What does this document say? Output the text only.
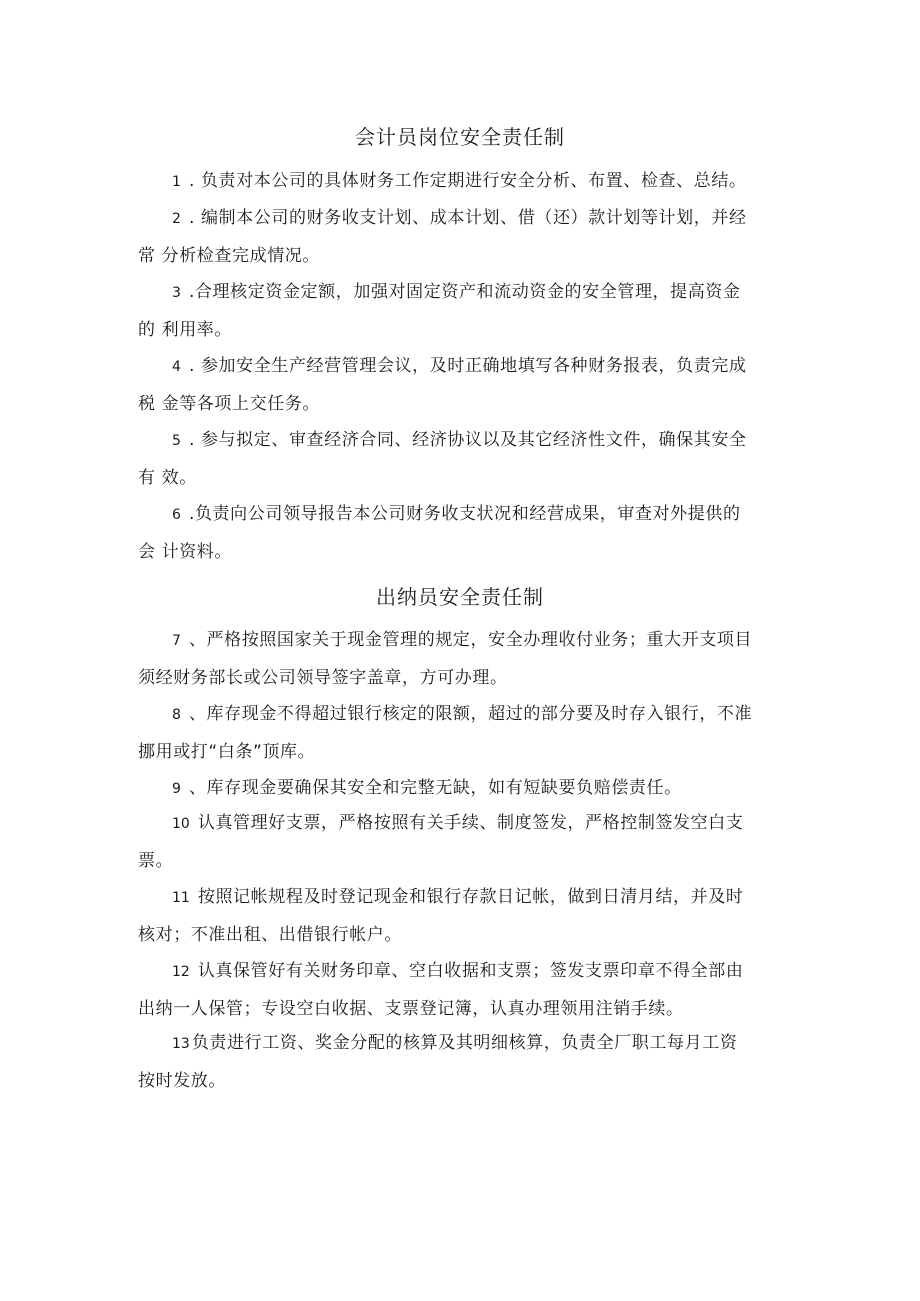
会计员岗位安全责任制
1 . 负责对本公司的具体财务工作定期进行安全分析、布置、检查、总结。
2 . 编制本公司的财务收支计划、成本计划、借（还）款计划等计划，并经
常 分析检查完成情况。
3 .合理核定资金定额，加强对固定资产和流动资金的安全管理，提高资金
的 利用率。
4 . 参加安全生产经营管理会议，及时正确地填写各种财务报表，负责完成
税 金等各项上交任务。
5 . 参与拟定、审查经济合同、经济协议以及其它经济性文件，确保其安全
有 效。
6 .负责向公司领导报告本公司财务收支状况和经营成果，审查对外提供的
会 计资料。
出纳员安全责任制
7 、严格按照国家关于现金管理的规定，安全办理收付业务；重大开支项目
须经财务部长或公司领导签字盖章，方可办理。
8 、库存现金不得超过银行核定的限额，超过的部分要及时存入银行，不准
挪用或打“白条”顶库。
9 、库存现金要确保其安全和完整无缺，如有短缺要负赔偿责任。
10 认真管理好支票，严格按照有关手续、制度签发，严格控制签发空白支
票。
11 按照记帐规程及时登记现金和银行存款日记帐，做到日清月结，并及时
核对；不准出租、出借银行帐户。
12 认真保管好有关财务印章、空白收据和支票；签发支票印章不得全部由
出纳一人保管；专设空白收据、支票登记簿，认真办理领用注销手续。
13 负责进行工资、奖金分配的核算及其明细核算，负责全厂职工每月工资
按时发放。
